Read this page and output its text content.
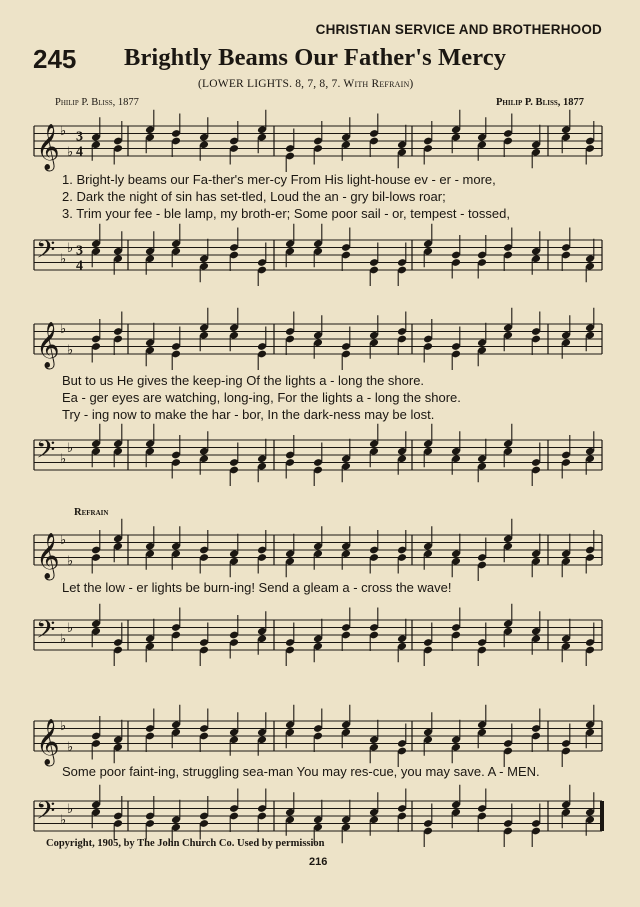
CHRISTIAN SERVICE AND BROTHERHOOD
245 Brightly Beams Our Father's Mercy
(LOWER LIGHTS. 8, 7, 8, 7. With Refrain)
Philip P. Bliss, 1877	Philip P. Bliss, 1877
𝄞 ♭
♭
3
4
1. Bright-ly beams our Fa-ther's mer-cy From His light-house ev - er - more,
2. Dark the night of sin has set-tled, Loud the an - gry bil-lows roar;
3. Trim your fee - ble lamp, my broth-er; Some poor sail - or, tempest - tossed,
𝄢 ♭
♭ 3
4
𝄞 ♭
♭
But to us He gives the keep-ing Of the lights a - long the shore.
Ea - ger eyes are watching, long-ing, For the lights a - long the shore.
Try - ing now to make the har - bor, In the dark-ness may be lost.
𝄢 ♭
♭
Refrain
𝄞 ♭
♭
Let the low - er lights be burn-ing! Send a gleam a - cross the wave!
𝄢 ♭
♭
𝄞 ♭
♭
Some poor faint-ing, struggling sea-man You may res-cue, you may save. A - MEN.
𝄢 ♭
♭
Copyright, 1905, by The John Church Co. Used by permission
216
